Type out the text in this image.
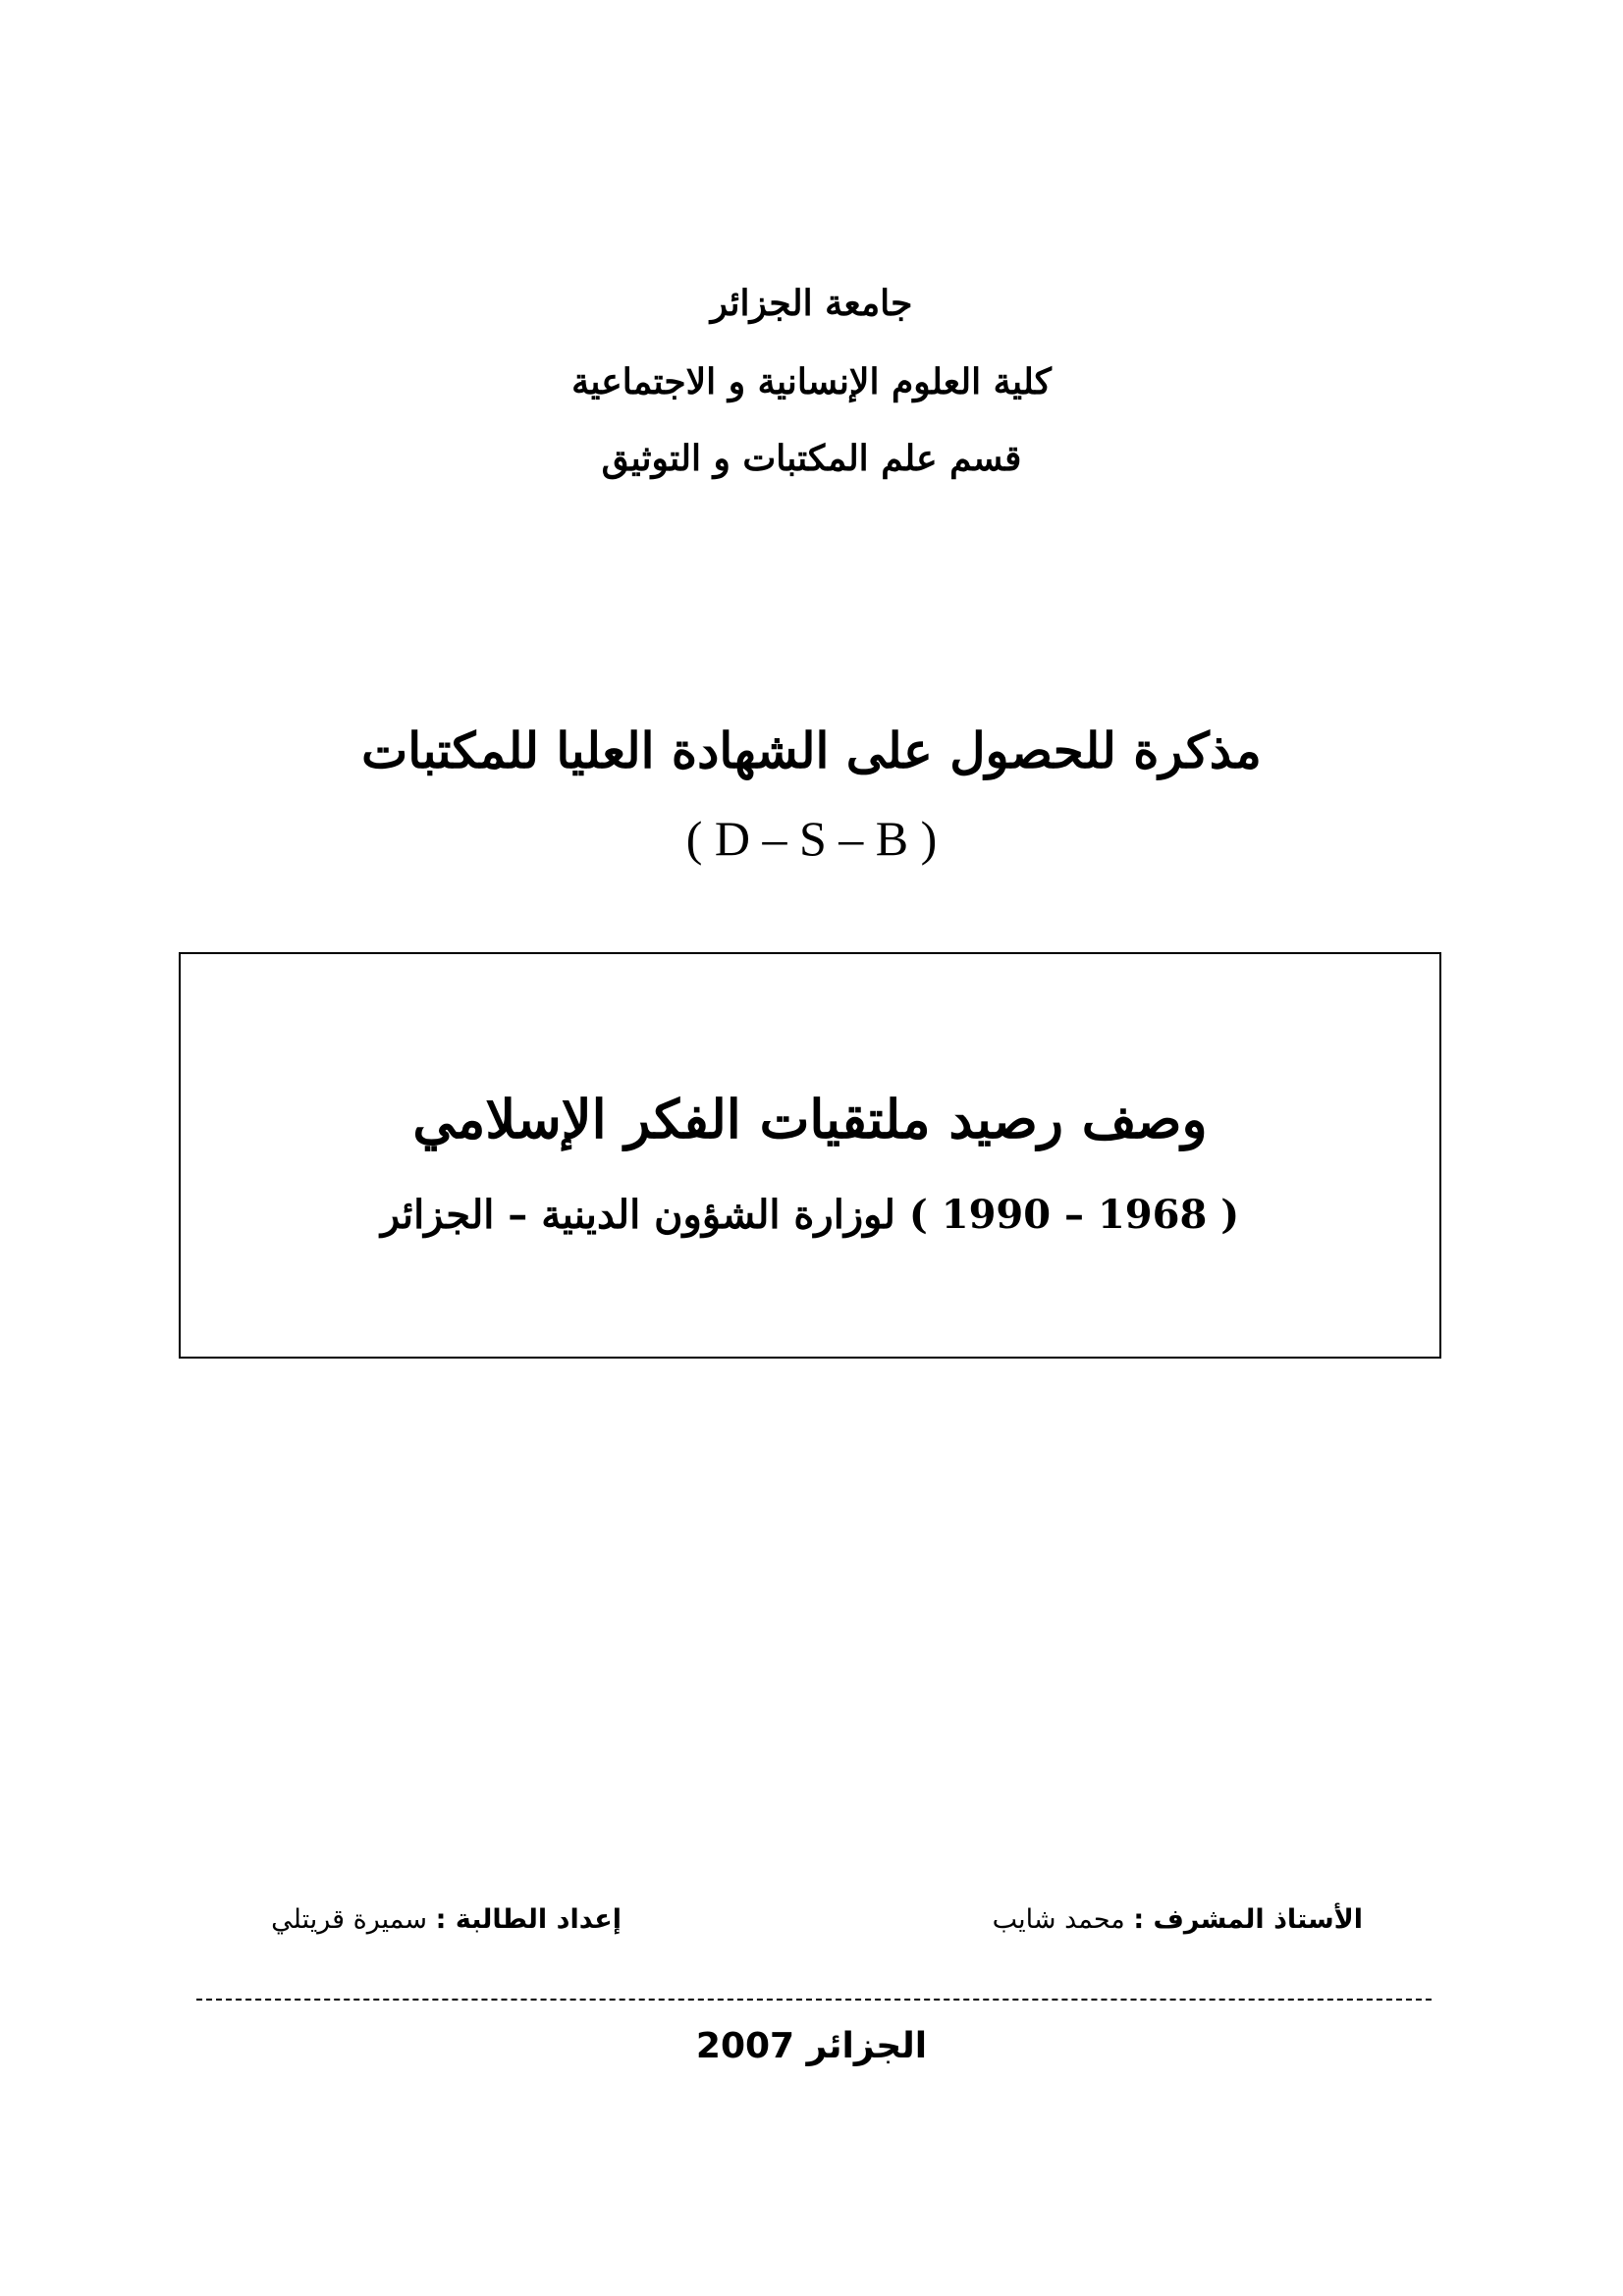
جامعة الجزائر
كلية العلوم الإنسانية و الاجتماعية
قسم علم المكتبات و التوثيق
مذكرة للحصول على الشهادة العليا للمكتبات
( D – S – B )
وصف رصيد ملتقيات الفكر الإسلامي
( 1968 – 1990 ) لوزارة الشؤون الدينية – الجزائر
الأستاذ المشرف : محمد شايب
إعداد الطالبة : سميرة قريتلي
الجزائر 2007
